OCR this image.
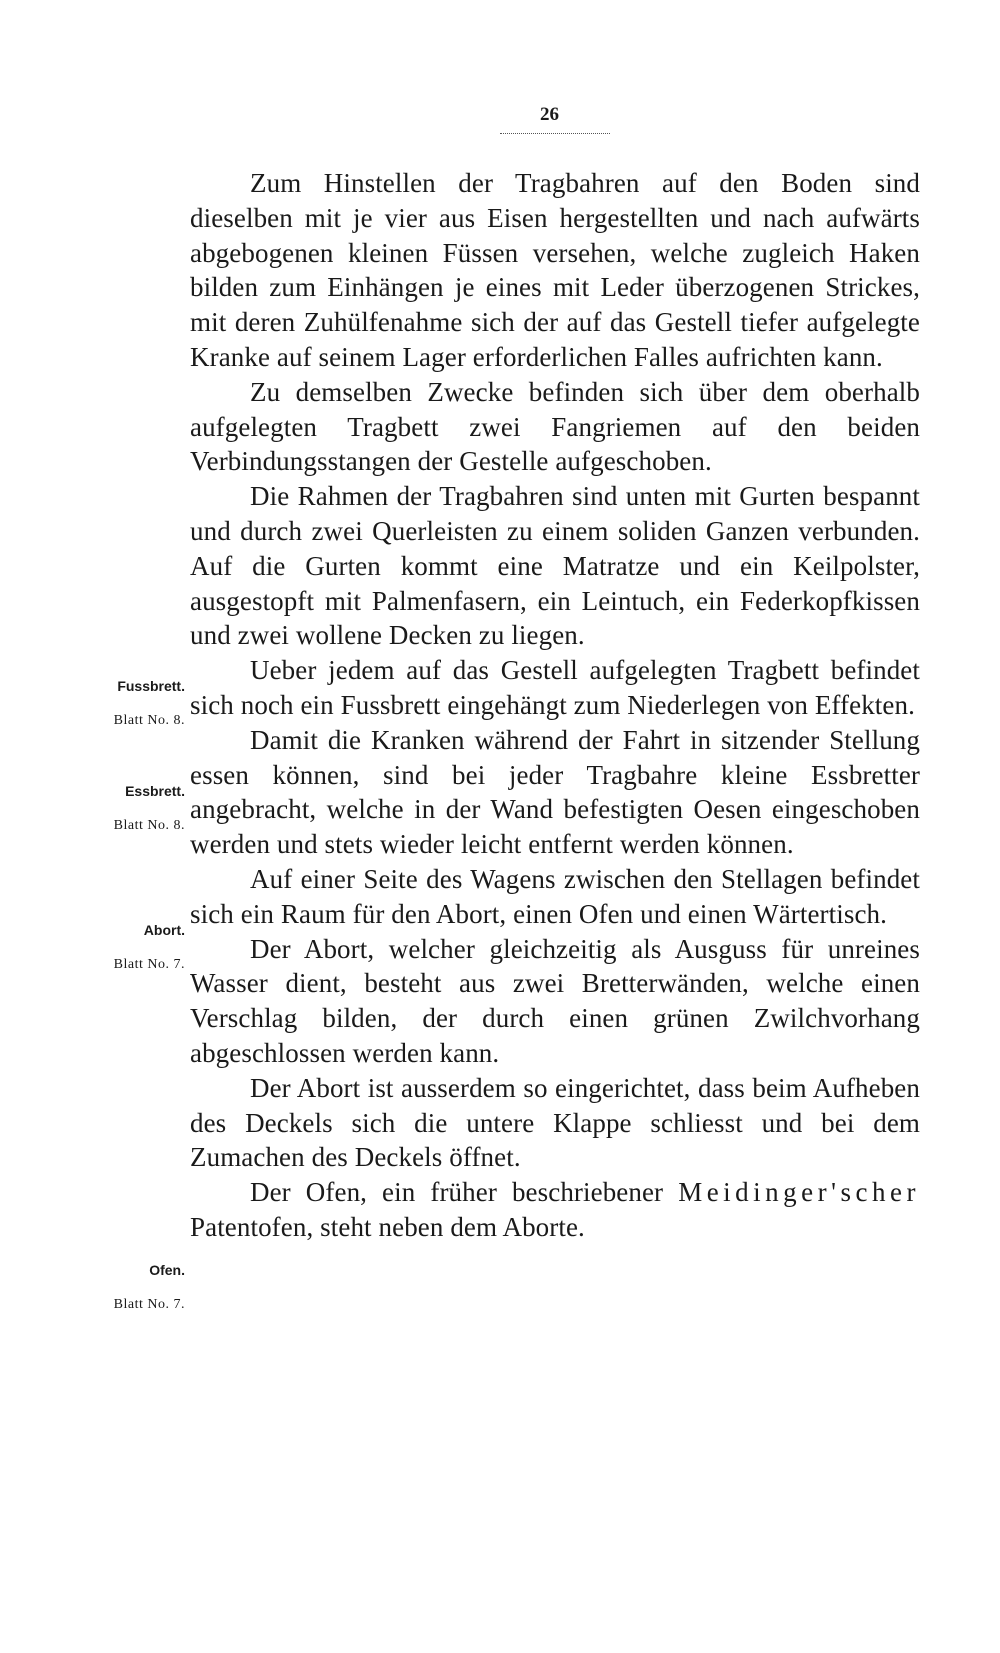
26

Zum Hinstellen der Tragbahren auf den Boden sind dieselben mit je vier aus Eisen hergestellten und nach aufwärts abgebogenen kleinen Füssen versehen, welche zugleich Haken bilden zum Einhängen je eines mit Leder überzogenen Strickes, mit deren Zuhülfenahme sich der auf das Gestell tiefer aufgelegte Kranke auf seinem Lager erforderlichen Falles aufrichten kann.

Zu demselben Zwecke befinden sich über dem oberhalb aufgelegten Tragbett zwei Fangriemen auf den beiden Verbindungsstangen der Gestelle aufgeschoben.

Die Rahmen der Tragbahren sind unten mit Gurten bespannt und durch zwei Querleisten zu einem soliden Ganzen verbunden. Auf die Gurten kommt eine Matratze und ein Keilpolster, ausgestopft mit Palmenfasern, ein Leintuch, ein Federkopfkissen und zwei wollene Decken zu liegen.

Ueber jedem auf das Gestell aufgelegten Tragbett befindet sich noch ein Fussbrett eingehängt zum Niederlegen von Effekten.

Damit die Kranken während der Fahrt in sitzender Stellung essen können, sind bei jeder Tragbahre kleine Essbretter angebracht, welche in der Wand befestigten Oesen eingeschoben werden und stets wieder leicht entfernt werden können.

Auf einer Seite des Wagens zwischen den Stellagen befindet sich ein Raum für den Abort, einen Ofen und einen Wärtertisch.

Der Abort, welcher gleichzeitig als Ausguss für unreines Wasser dient, besteht aus zwei Bretterwänden, welche einen Verschlag bilden, der durch einen grünen Zwilchvorhang abgeschlossen werden kann.

Der Abort ist ausserdem so eingerichtet, dass beim Aufheben des Deckels sich die untere Klappe schliesst und bei dem Zumachen des Deckels öffnet.

Der Ofen, ein früher beschriebener Meidinger'scher Patentofen, steht neben dem Aborte.

Fussbrett.
Blatt No. 8.
Essbrett.
Blatt No. 8.
Abort.
Blatt No. 7.
Ofen.
Blatt No. 7.
